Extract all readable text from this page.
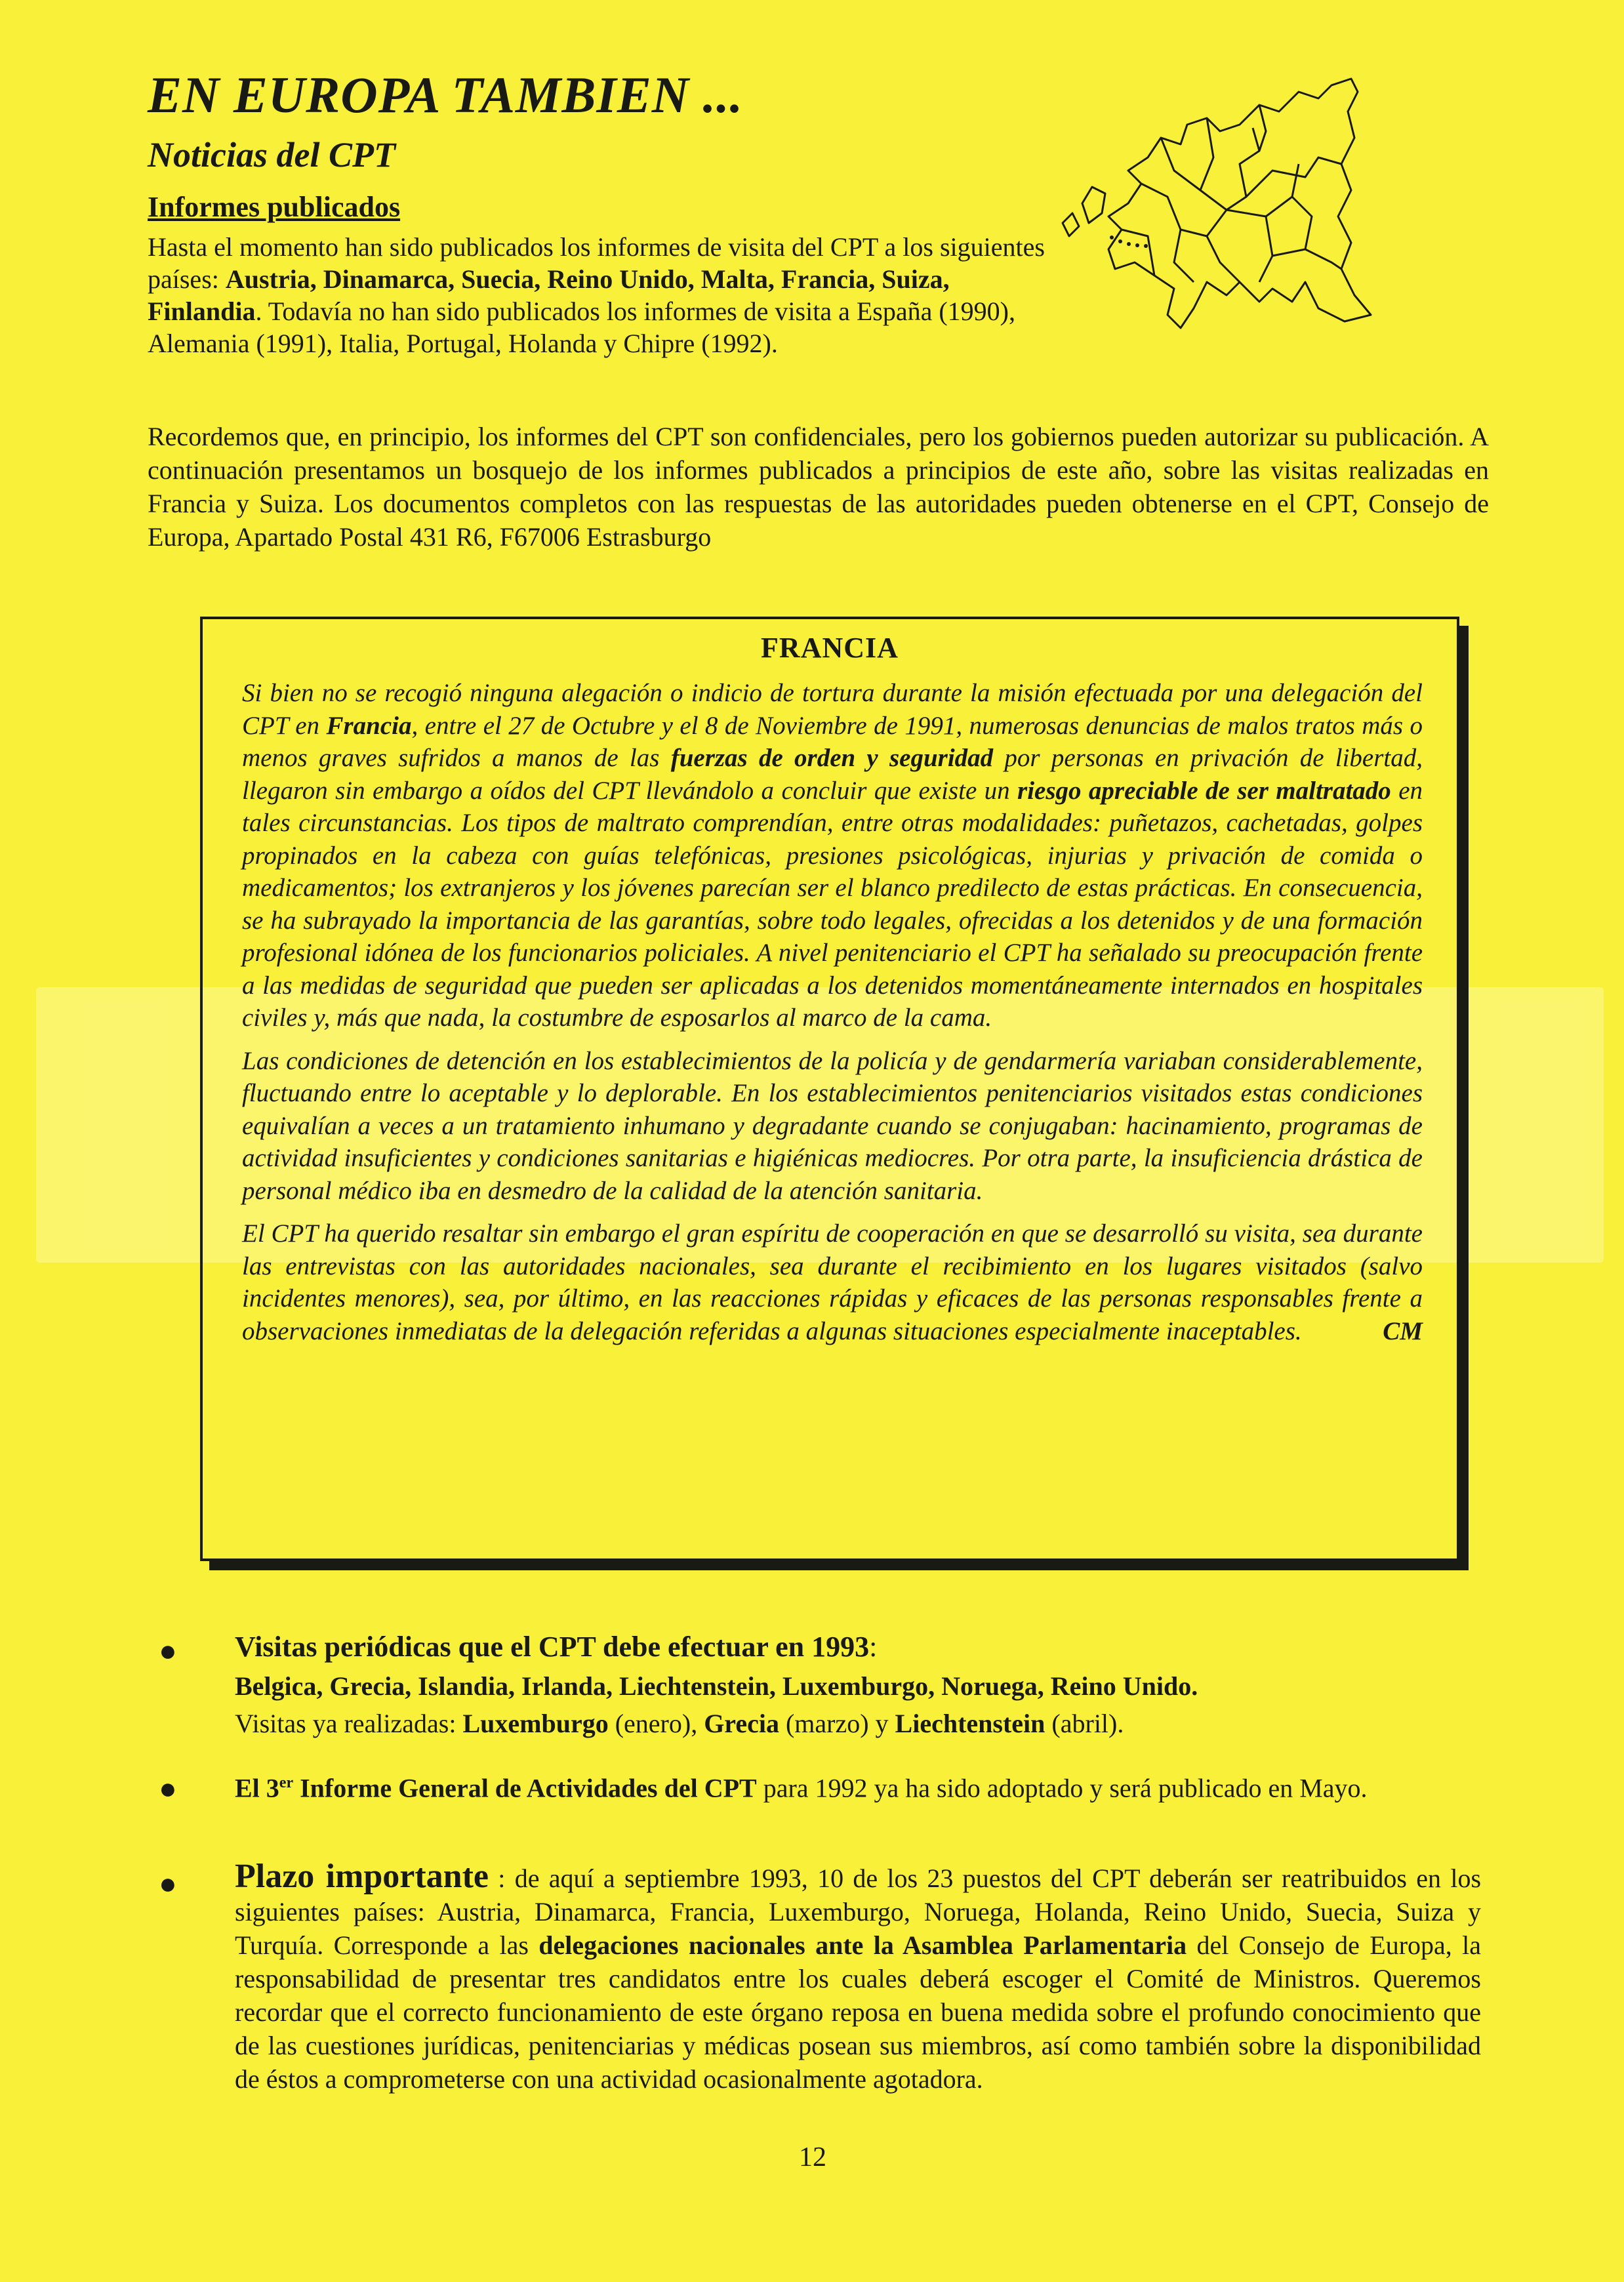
EN EUROPA TAMBIEN ...
Noticias del CPT
Informes publicados

Hasta el momento han sido publicados los informes de visita del CPT a los siguientes países: Austria, Dinamarca, Suecia, Reino Unido, Malta, Francia, Suiza, Finlandia. Todavía no han sido publicados los informes de visita a España (1990), Alemania (1991), Italia, Portugal, Holanda y Chipre (1992).

Recordemos que, en principio, los informes del CPT son confidenciales, pero los gobiernos pueden autorizar su publicación. A continuación presentamos un bosquejo de los informes publicados a principios de este año, sobre las visitas realizadas en Francia y Suiza. Los documentos completos con las respuestas de las autoridades pueden obtenerse en el CPT, Consejo de Europa, Apartado Postal 431 R6, F67006 Estrasburgo

FRANCIA

Si bien no se recogió ninguna alegación o indicio de tortura durante la misión efectuada por una delegación del CPT en Francia, entre el 27 de Octubre y el 8 de Noviembre de 1991, numerosas denuncias de malos tratos más o menos graves sufridos a manos de las fuerzas de orden y seguridad por personas en privación de libertad, llegaron sin embargo a oídos del CPT llevándolo a concluir que existe un riesgo apreciable de ser maltratado en tales circunstancias. Los tipos de maltrato comprendían, entre otras modalidades: puñetazos, cachetadas, golpes propinados en la cabeza con guías telefónicas, presiones psicológicas, injurias y privación de comida o medicamentos; los extranjeros y los jóvenes parecían ser el blanco predilecto de estas prácticas. En consecuencia, se ha subrayado la importancia de las garantías, sobre todo legales, ofrecidas a los detenidos y de una formación profesional idónea de los funcionarios policiales. A nivel penitenciario el CPT ha señalado su preocupación frente a las medidas de seguridad que pueden ser aplicadas a los detenidos momentáneamente internados en hospitales civiles y, más que nada, la costumbre de esposarlos al marco de la cama.

Las condiciones de detención en los establecimientos de la policía y de gendarmería variaban considerablemente, fluctuando entre lo aceptable y lo deplorable. En los establecimientos penitenciarios visitados estas condiciones equivalían a veces a un tratamiento inhumano y degradante cuando se conjugaban: hacinamiento, programas de actividad insuficientes y condiciones sanitarias e higiénicas mediocres. Por otra parte, la insuficiencia drástica de personal médico iba en desmedro de la calidad de la atención sanitaria.

El CPT ha querido resaltar sin embargo el gran espíritu de cooperación en que se desarrolló su visita, sea durante las entrevistas con las autoridades nacionales, sea durante el recibimiento en los lugares visitados (salvo incidentes menores), sea, por último, en las reacciones rápidas y eficaces de las personas responsables frente a observaciones inmediatas de la delegación referidas a algunas situaciones especialmente inaceptables.	CM

● Visitas periódicas que el CPT debe efectuar en 1993:
Belgica, Grecia, Islandia, Irlanda, Liechtenstein, Luxemburgo, Noruega, Reino Unido.
Visitas ya realizadas: Luxemburgo (enero), Grecia (marzo) y Liechtenstein (abril).
● El 3er Informe General de Actividades del CPT para 1992 ya ha sido adoptado y será publicado en Mayo.

● Plazo importante : de aquí a septiembre 1993, 10 de los 23 puestos del CPT deberán ser reatribuidos en los siguientes países: Austria, Dinamarca, Francia, Luxemburgo, Noruega, Holanda, Reino Unido, Suecia, Suiza y Turquía. Corresponde a las delegaciones nacionales ante la Asamblea Parlamentaria del Consejo de Europa, la responsabilidad de presentar tres candidatos entre los cuales deberá escoger el Comité de Ministros. Queremos recordar que el correcto funcionamiento de este órgano reposa en buena medida sobre el profundo conocimiento que de las cuestiones jurídicas, penitenciarias y médicas posean sus miembros, así como también sobre la disponibilidad de éstos a comprometerse con una actividad ocasionalmente agotadora.

12
